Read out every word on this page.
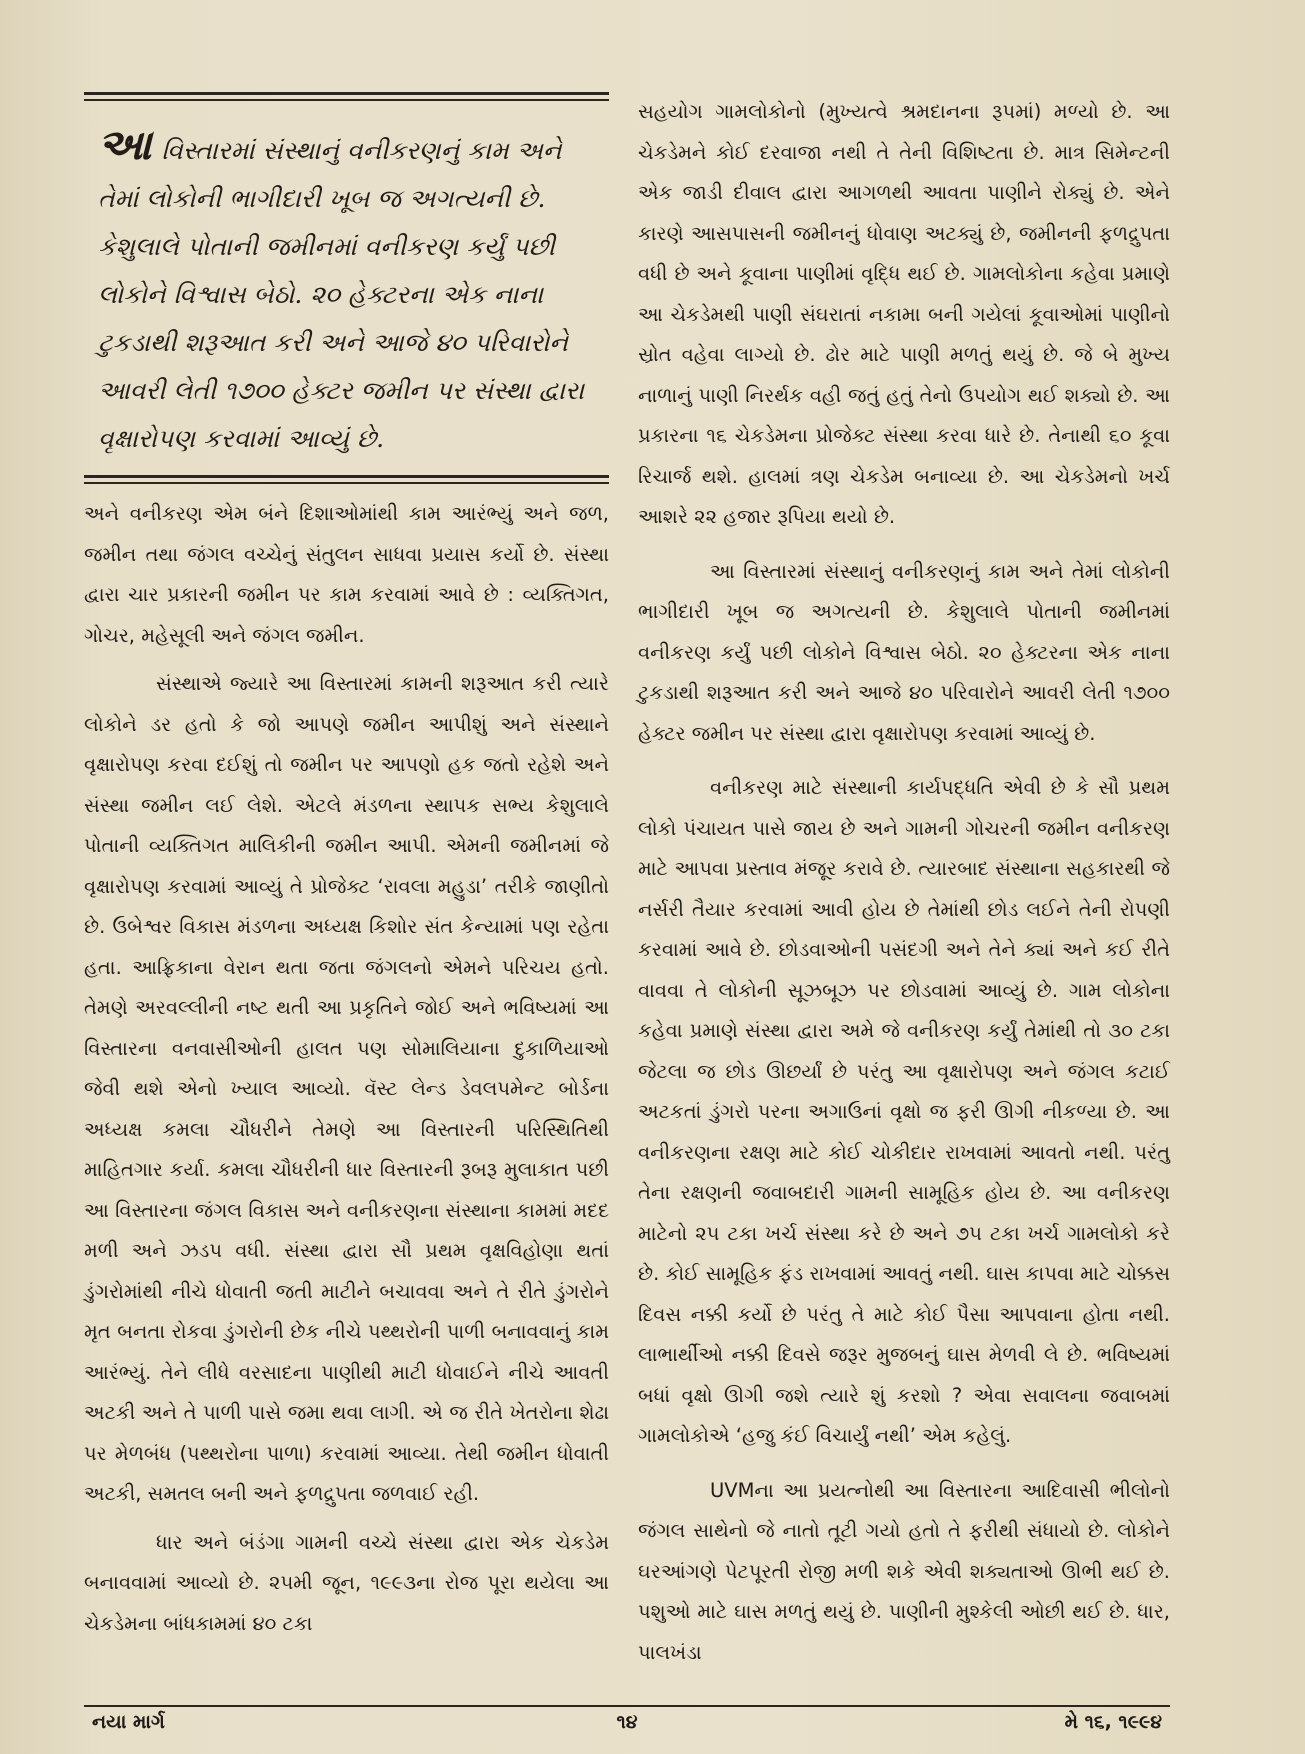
આવિસ્તારમાં સંસ્થાનું વનીકરણનું કામ અને તેમાં લોકોની ભાગીદારી ખૂબ જ અગત્યની છે. કેશુલાલે પોતાની જમીનમાં વનીકરણ કર્યું પછી લોકોને વિશ્વાસ બેઠો. ૨૦ હેક્ટરના એક નાના ટુકડાથી શરૂઆત કરી અને આજે ૪૦ પરિવારોને આવરી લેતી ૧૭૦૦ હેક્ટર જમીન પર સંસ્થા દ્વારા વૃક્ષારોપણ કરવામાં આવ્યું છે.

અને વનીકરણ એમ બંને દિશાઓમાંથી કામ આરંભ્યું અને જળ, જમીન તથા જંગલ વચ્ચેનું સંતુલન સાધવા પ્રયાસ કર્યો છે. સંસ્થા દ્વારા ચાર પ્રકારની જમીન પર કામ કરવામાં આવે છે : વ્યક્તિગત, ગોચર, મહેસૂલી અને જંગલ જમીન.

સંસ્થાએ જ્યારે આ વિસ્તારમાં કામની શરૂઆત કરી ત્યારે લોકોને ડર હતો કે જો આપણે જમીન આપીશું અને સંસ્થાને વૃક્ષારોપણ કરવા દઈશું તો જમીન પર આપણો હક જતો રહેશે અને સંસ્થા જમીન લઈ લેશે. એટલે મંડળના સ્થાપક સભ્ય કેશુલાલે પોતાની વ્યક્તિગત માલિકીની જમીન આપી. એમની જમીનમાં જે વૃક્ષારોપણ કરવામાં આવ્યું તે પ્રોજેક્ટ ‘રાવલા મહુડા’ તરીકે જાણીતો છે. ઉબેશ્વર વિકાસ મંડળના અધ્યક્ષ કિશોર સંત કેન્યામાં પણ રહેતા હતા. આફ્રિકાના વેરાન થતા જતા જંગલનો એમને પરિચય હતો. તેમણે અરવલ્લીની નષ્ટ થતી આ પ્રકૃતિને જોઈ અને ભવિષ્યમાં આ વિસ્તારના વનવાસીઓની હાલત પણ સોમાલિયાના દુકાળિયાઓ જેવી થશે એનો ખ્યાલ આવ્યો. વૅસ્ટ લેન્ડ ડેવલપમેન્ટ બોર્ડના અધ્યક્ષ કમલા ચૌધરીને તેમણે આ વિસ્તારની પરિસ્થિતિથી માહિતગાર કર્યા. કમલા ચૌધરીની ધાર વિસ્તારની રૂબરૂ મુલાકાત પછી આ વિસ્તારના જંગલ વિકાસ અને વનીકરણના સંસ્થાના કામમાં મદદ મળી અને ઝડપ વધી. સંસ્થા દ્વારા સૌ પ્રથમ વૃક્ષવિહોણા થતાં ડુંગરોમાંથી નીચે ધોવાતી જતી માટીને બચાવવા અને તે રીતે ડુંગરોને મૃત બનતા રોકવા ડુંગરોની છેક નીચે પથ્થરોની પાળી બનાવવાનું કામ આરંભ્યું. તેને લીધે વરસાદના પાણીથી માટી ધોવાઈને નીચે આવતી અટકી અને તે પાળી પાસે જમા થવા લાગી. એ જ રીતે ખેતરોના શેઢા પર મેળબંધ (પથ્થરોના પાળા) કરવામાં આવ્યા. તેથી જમીન ધોવાતી અટકી, સમતલ બની અને ફળદ્રુપતા જળવાઈ રહી.

ધાર અને બંડંગા ગામની વચ્ચે સંસ્થા દ્વારા એક ચેકડેમ બનાવવામાં આવ્યો છે. ૨૫મી જૂન, ૧૯૯૩ના રોજ પૂરા થયેલા આ ચેકડેમના બાંધકામમાં ૪૦ ટકા

સહયોગ ગામલોકોનો (મુખ્યત્વે શ્રમદાનના રૂપમાં) મળ્યો છે. આ ચેકડેમને કોઈ દરવાજા નથી તે તેની વિશિષ્ટતા છે. માત્ર સિમેન્ટની એક જાડી દીવાલ દ્વારા આગળથી આવતા પાણીને રોક્યું છે. એને કારણે આસપાસની જમીનનું ધોવાણ અટક્યું છે, જમીનની ફળદ્રુપતા વધી છે અને કૂવાના પાણીમાં વૃદ્ધિ થઈ છે. ગામલોકોના કહેવા પ્રમાણે આ ચેકડેમથી પાણી સંઘરાતાં નકામા બની ગયેલાં કૂવાઓમાં પાણીનો સ્રોત વહેવા લાગ્યો છે. ઢોર માટે પાણી મળતું થયું છે. જે બે મુખ્ય નાળાનું પાણી નિરર્થક વહી જતું હતું તેનો ઉપયોગ થઈ શક્યો છે. આ પ્રકારના ૧૬ ચેકડેમના પ્રોજેક્ટ સંસ્થા કરવા ધારે છે. તેનાથી ૬૦ કૂવા રિચાર્જ થશે. હાલમાં ત્રણ ચેકડેમ બનાવ્યા છે. આ ચેકડેમનો ખર્ચ આશરે ૨૨ હજાર રૂપિયા થયો છે.

આ વિસ્તારમાં સંસ્થાનું વનીકરણનું કામ અને તેમાં લોકોની ભાગીદારી ખૂબ જ અગત્યની છે. કેશુલાલે પોતાની જમીનમાં વનીકરણ કર્યું પછી લોકોને વિશ્વાસ બેઠો. ૨૦ હેક્ટરના એક નાના ટુકડાથી શરૂઆત કરી અને આજે ૪૦ પરિવારોને આવરી લેતી ૧૭૦૦ હેક્ટર જમીન પર સંસ્થા દ્વારા વૃક્ષારોપણ કરવામાં આવ્યું છે.

વનીકરણ માટે સંસ્થાની કાર્યપદ્ધતિ એવી છે કે સૌ પ્રથમ લોકો પંચાયત પાસે જાય છે અને ગામની ગોચરની જમીન વનીકરણ માટે આપવા પ્રસ્તાવ મંજૂર કરાવે છે. ત્યારબાદ સંસ્થાના સહકારથી જે નર્સરી તૈયાર કરવામાં આવી હોય છે તેમાંથી છોડ લઈને તેની રોપણી કરવામાં આવે છે. છોડવાઓની પસંદગી અને તેને ક્યાં અને કઈ રીતે વાવવા તે લોકોની સૂઝબૂઝ પર છોડવામાં આવ્યું છે. ગામ લોકોના કહેવા પ્રમાણે સંસ્થા દ્વારા અમે જે વનીકરણ કર્યું તેમાંથી તો ૩૦ ટકા જેટલા જ છોડ ઊછર્યાં છે પરંતુ આ વૃક્ષારોપણ અને જંગલ કટાઈ અટકતાં ડુંગરો પરના અગાઉનાં વૃક્ષો જ ફરી ઊગી નીકળ્યા છે. આ વનીકરણના રક્ષણ માટે કોઈ ચોકીદાર રાખવામાં આવતો નથી. પરંતુ તેના રક્ષણની જવાબદારી ગામની સામૂહિક હોય છે. આ વનીકરણ માટેનો ૨૫ ટકા ખર્ચ સંસ્થા કરે છે અને ૭૫ ટકા ખર્ચ ગામલોકો કરે છે. કોઈ સામૂહિક ફંડ રાખવામાં આવતું નથી. ઘાસ કાપવા માટે ચોક્કસ દિવસ નક્કી કર્યો છે પરંતુ તે માટે કોઈ પૈસા આપવાના હોતા નથી. લાભાર્થીઓ નક્કી દિવસે જરૂર મુજબનું ઘાસ મેળવી લે છે. ભવિષ્યમાં બધાં વૃક્ષો ઊગી જશે ત્યારે શું કરશો ? એવા સવાલના જવાબમાં ગામલોકોએ ‘હજુ કંઈ વિચાર્યું નથી’ એમ કહેલું.

UVMના આ પ્રયત્નોથી આ વિસ્તારના આદિવાસી ભીલોનો જંગલ સાથેનો જે નાતો તૂટી ગયો હતો તે ફરીથી સંધાયો છે. લોકોને ઘરઆંગણે પેટપૂરતી રોજી મળી શકે એવી શક્યતાઓ ઊભી થઈ છે. પશુઓ માટે ઘાસ મળતું થયું છે. પાણીની મુશ્કેલી ઓછી થઈ છે. ધાર, પાલખંડા

નયા માર્ગ	૧૪	મે ૧૬, ૧૯૯૪
